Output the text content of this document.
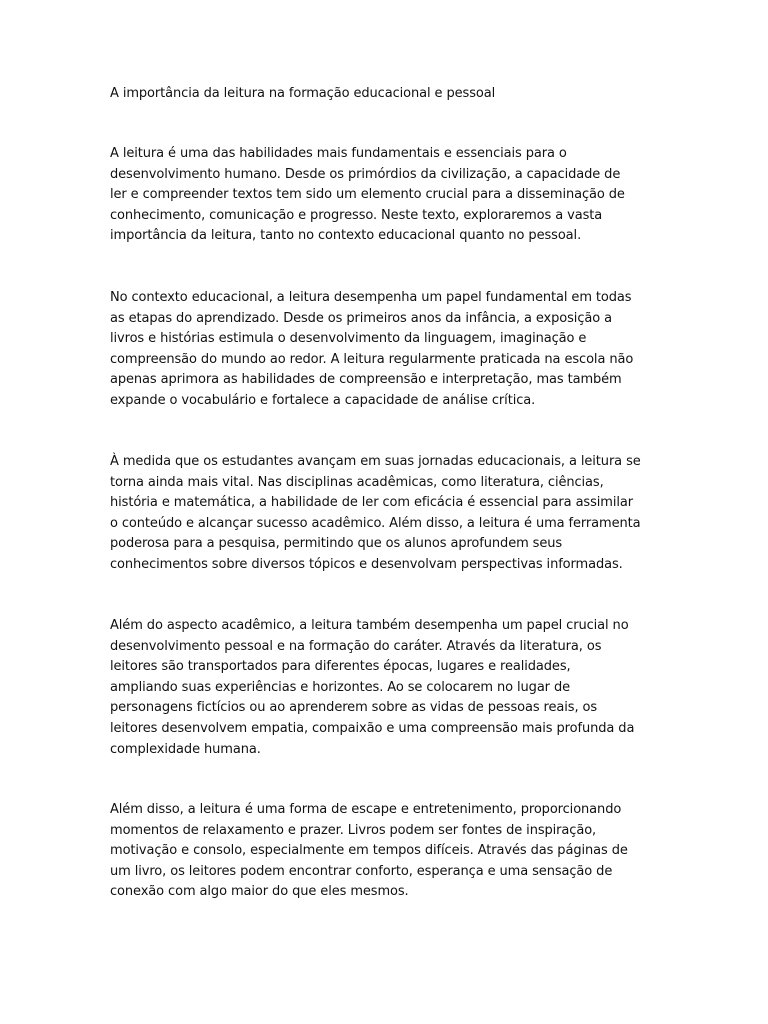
A importância da leitura na formação educacional e pessoal
A leitura é uma das habilidades mais fundamentais e essenciais para o
desenvolvimento humano. Desde os primórdios da civilização, a capacidade de
ler e compreender textos tem sido um elemento crucial para a disseminação de
conhecimento, comunicação e progresso. Neste texto, exploraremos a vasta
importância da leitura, tanto no contexto educacional quanto no pessoal.
No contexto educacional, a leitura desempenha um papel fundamental em todas
as etapas do aprendizado. Desde os primeiros anos da infância, a exposição a
livros e histórias estimula o desenvolvimento da linguagem, imaginação e
compreensão do mundo ao redor. A leitura regularmente praticada na escola não
apenas aprimora as habilidades de compreensão e interpretação, mas também
expande o vocabulário e fortalece a capacidade de análise crítica.
À medida que os estudantes avançam em suas jornadas educacionais, a leitura se
torna ainda mais vital. Nas disciplinas acadêmicas, como literatura, ciências,
história e matemática, a habilidade de ler com eficácia é essencial para assimilar
o conteúdo e alcançar sucesso acadêmico. Além disso, a leitura é uma ferramenta
poderosa para a pesquisa, permitindo que os alunos aprofundem seus
conhecimentos sobre diversos tópicos e desenvolvam perspectivas informadas.
Além do aspecto acadêmico, a leitura também desempenha um papel crucial no
desenvolvimento pessoal e na formação do caráter. Através da literatura, os
leitores são transportados para diferentes épocas, lugares e realidades,
ampliando suas experiências e horizontes. Ao se colocarem no lugar de
personagens fictícios ou ao aprenderem sobre as vidas de pessoas reais, os
leitores desenvolvem empatia, compaixão e uma compreensão mais profunda da
complexidade humana.
Além disso, a leitura é uma forma de escape e entretenimento, proporcionando
momentos de relaxamento e prazer. Livros podem ser fontes de inspiração,
motivação e consolo, especialmente em tempos difíceis. Através das páginas de
um livro, os leitores podem encontrar conforto, esperança e uma sensação de
conexão com algo maior do que eles mesmos.
